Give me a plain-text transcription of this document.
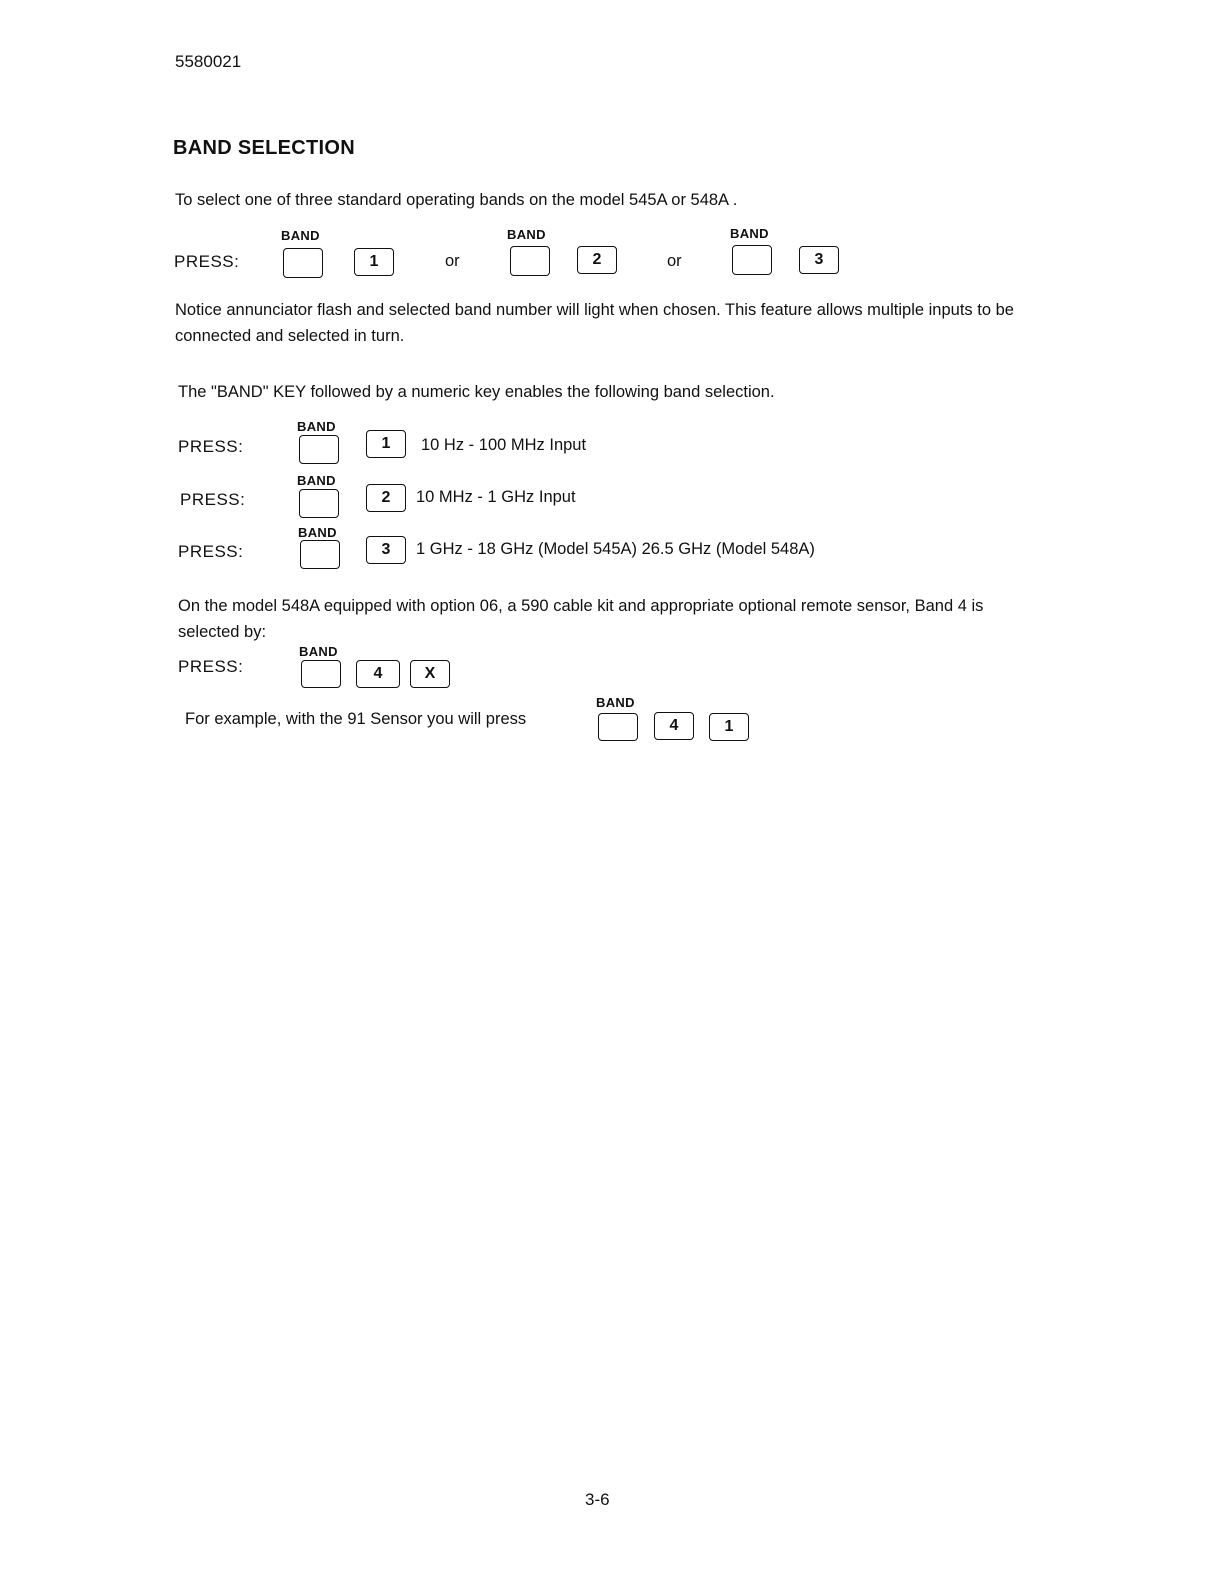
5580021
BAND SELECTION
To select one of three standard operating bands on the model 545A or 548A .
PRESS:
BAND
1	or
BAND
2	or
BAND
3
Notice annunciator flash and selected band number will light when chosen. This feature allows multiple inputs to be connected and selected in turn.
The "BAND" KEY followed by a numeric key enables the following band selection.
BAND
PRESS:	1	10 Hz - 100 MHz Input
BAND
PRESS:	2	10 MHz - 1 GHz Input
BAND
PRESS:	3	1 GHz - 18 GHz (Model 545A) 26.5 GHz (Model 548A)
On the model 548A equipped with option 06, a 590 cable kit and appropriate optional remote sensor, Band 4 is selected by:
BAND
PRESS:	4	X
For example, with the 91 Sensor you will press
BAND
4	1
3-6
